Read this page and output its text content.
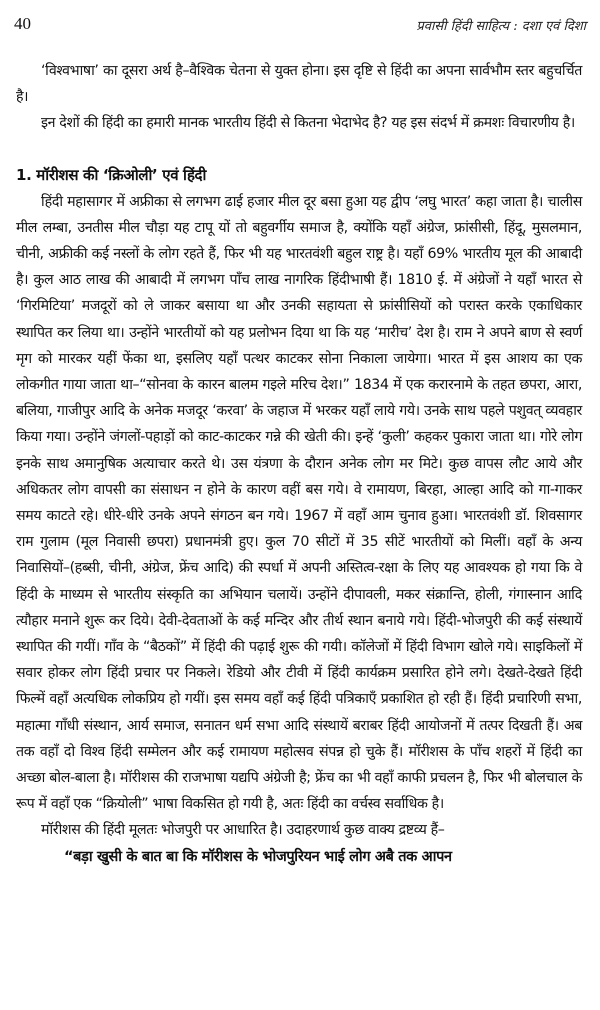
40	प्रवासी हिंदी साहित्य : दशा एवं दिशा

‘विश्वभाषा’ का दूसरा अर्थ है–वैश्विक चेतना से युक्त होना। इस दृष्टि से हिंदी का अपना सार्वभौम स्तर बहुचर्चित है।

इन देशों की हिंदी का हमारी मानक भारतीय हिंदी से कितना भेदाभेद है? यह इस संदर्भ में क्रमशः विचारणीय है।

1. मॉरीशस की ‘क्रिओली’ एवं हिंदी

हिंदी महासागर में अफ्रीका से लगभग ढाई हजार मील दूर बसा हुआ यह द्वीप ‘लघु भारत’ कहा जाता है। चालीस मील लम्बा, उनतीस मील चौड़ा यह टापू यों तो बहुवर्गीय समाज है, क्योंकि यहाँ अंग्रेज, फ्रांसीसी, हिंदू, मुसलमान, चीनी, अफ्रीकी कई नस्लों के लोग रहते हैं, फिर भी यह भारतवंशी बहुल राष्ट्र है। यहाँ 69% भारतीय मूल की आबादी है। कुल आठ लाख की आबादी में लगभग पाँच लाख नागरिक हिंदीभाषी हैं। 1810 ई. में अंग्रेजों ने यहाँ भारत से ‘गिरमिटिया’ मजदूरों को ले जाकर बसाया था और उनकी सहायता से फ्रांसीसियों को परास्त करके एकाधिकार स्थापित कर लिया था। उन्होंने भारतीयों को यह प्रलोभन दिया था कि यह ‘मारीच’ देश है। राम ने अपने बाण से स्वर्ण मृग को मारकर यहीं फेंका था, इसलिए यहाँ पत्थर काटकर सोना निकाला जायेगा। भारत में इस आशय का एक लोकगीत गाया जाता था–“सोनवा के कारन बालम गइले मरिच देश।” 1834 में एक करारनामे के तहत छपरा, आरा, बलिया, गाजीपुर आदि के अनेक मजदूर ‘करवा’ के जहाज में भरकर यहाँ लाये गये। उनके साथ पहले पशुवत् व्यवहार किया गया। उन्होंने जंगलों-पहाड़ों को काट-काटकर गन्ने की खेती की। इन्हें ‘कुली’ कहकर पुकारा जाता था। गोरे लोग इनके साथ अमानुषिक अत्याचार करते थे। उस यंत्रणा के दौरान अनेक लोग मर मिटे। कुछ वापस लौट आये और अधिकतर लोग वापसी का संसाधन न होने के कारण वहीं बस गये। वे रामायण, बिरहा, आल्हा आदि को गा-गाकर समय काटते रहे। धीरे-धीरे उनके अपने संगठन बन गये। 1967 में वहाँ आम चुनाव हुआ। भारतवंशी डॉ. शिवसागर राम गुलाम (मूल निवासी छपरा) प्रधानमंत्री हुए। कुल 70 सीटों में 35 सीटें भारतीयों को मिलीं। वहाँ के अन्य निवासियों–(हब्सी, चीनी, अंग्रेज, फ्रेंच आदि) की स्पर्धा में अपनी अस्तित्व-रक्षा के लिए यह आवश्यक हो गया कि वे हिंदी के माध्यम से भारतीय संस्कृति का अभियान चलायें। उन्होंने दीपावली, मकर संक्रान्ति, होली, गंगास्नान आदि त्यौहार मनाने शुरू कर दिये। देवी-देवताओं के कई मन्दिर और तीर्थ स्थान बनाये गये। हिंदी-भोजपुरी की कई संस्थायें स्थापित की गयीं। गाँव के “बैठकों” में हिंदी की पढ़ाई शुरू की गयी। कॉलेजों में हिंदी विभाग खोले गये। साइकिलों में सवार होकर लोग हिंदी प्रचार पर निकले। रेडियो और टीवी में हिंदी कार्यक्रम प्रसारित होने लगे। देखते-देखते हिंदी फिल्में वहाँ अत्यधिक लोकप्रिय हो गयीं। इस समय वहाँ कई हिंदी पत्रिकाएँ प्रकाशित हो रही हैं। हिंदी प्रचारिणी सभा, महात्मा गाँधी संस्थान, आर्य समाज, सनातन धर्म सभा आदि संस्थायें बराबर हिंदी आयोजनों में तत्पर दिखती हैं। अब तक वहाँ दो विश्व हिंदी सम्मेलन और कई रामायण महोत्सव संपन्न हो चुके हैं। मॉरीशस के पाँच शहरों में हिंदी का अच्छा बोल-बाला है। मॉरीशस की राजभाषा यद्यपि अंग्रेजी है; फ्रेंच का भी वहाँ काफी प्रचलन है, फिर भी बोलचाल के रूप में वहाँ एक “क्रियोली” भाषा विकसित हो गयी है, अतः हिंदी का वर्चस्व सर्वाधिक है।

मॉरीशस की हिंदी मूलतः भोजपुरी पर आधारित है। उदाहरणार्थ कुछ वाक्य द्रष्टव्य हैं–

“बड़ा खुसी के बात बा कि मॉरीशस के भोजपुरियन भाई लोग अबै तक आपन
